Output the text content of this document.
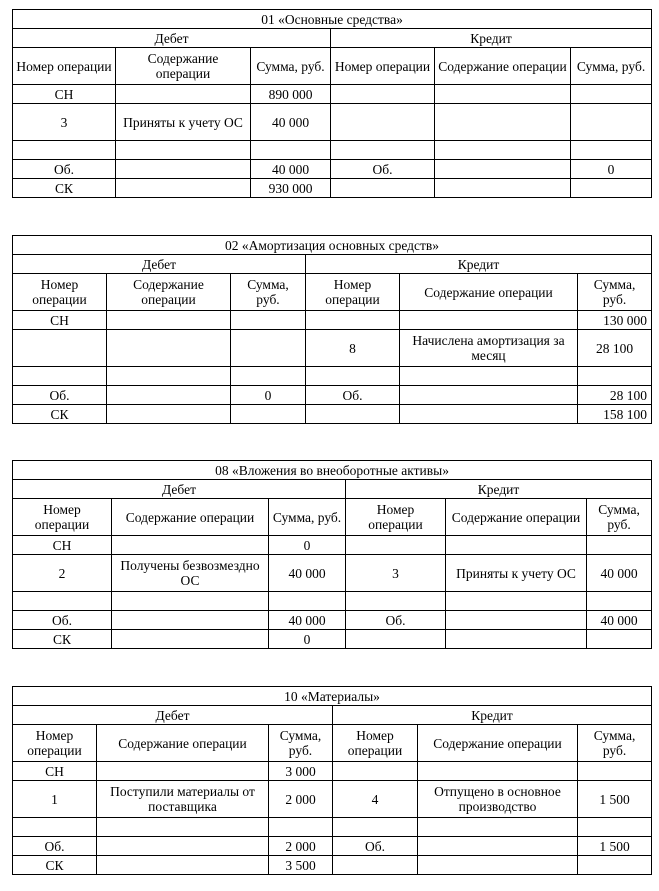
01 «Основные средства»					
Дебет			Кредит		
Номер операции	Содержание операции	Сумма, руб.	Номер операции	Содержание операции	Сумма, руб.
СН		890 000			
3	Приняты к учету ОС	40 000			

Об.		40 000	Об.		0
СК		930 000			
02 «Амортизация основных средств»					
Дебет			Кредит		
Номер операции	Содержание операции	Сумма, руб.	Номер операции	Содержание операции	Сумма, руб.
СН					130 000
			8	Начислена амортизация за месяц	28 100

Об.		0	Об.		28 100
СК					158 100
08 «Вложения во внеоборотные активы»					
Дебет			Кредит		
Номер операции	Содержание операции	Сумма, руб.	Номер операции	Содержание операции	Сумма, руб.
СН		0			
2	Получены безвозмездно ОС	40 000	3	Приняты к учету ОС	40 000

Об.		40 000	Об.		40 000
СК		0			
10 «Материалы»					
Дебет			Кредит		
Номер операции	Содержание операции	Сумма, руб.	Номер операции	Содержание операции	Сумма, руб.
СН		3 000			
1	Поступили материалы от поставщика	2 000	4	Отпущено в основное производство	1 500

Об.		2 000	Об.		1 500
СК		3 500			
